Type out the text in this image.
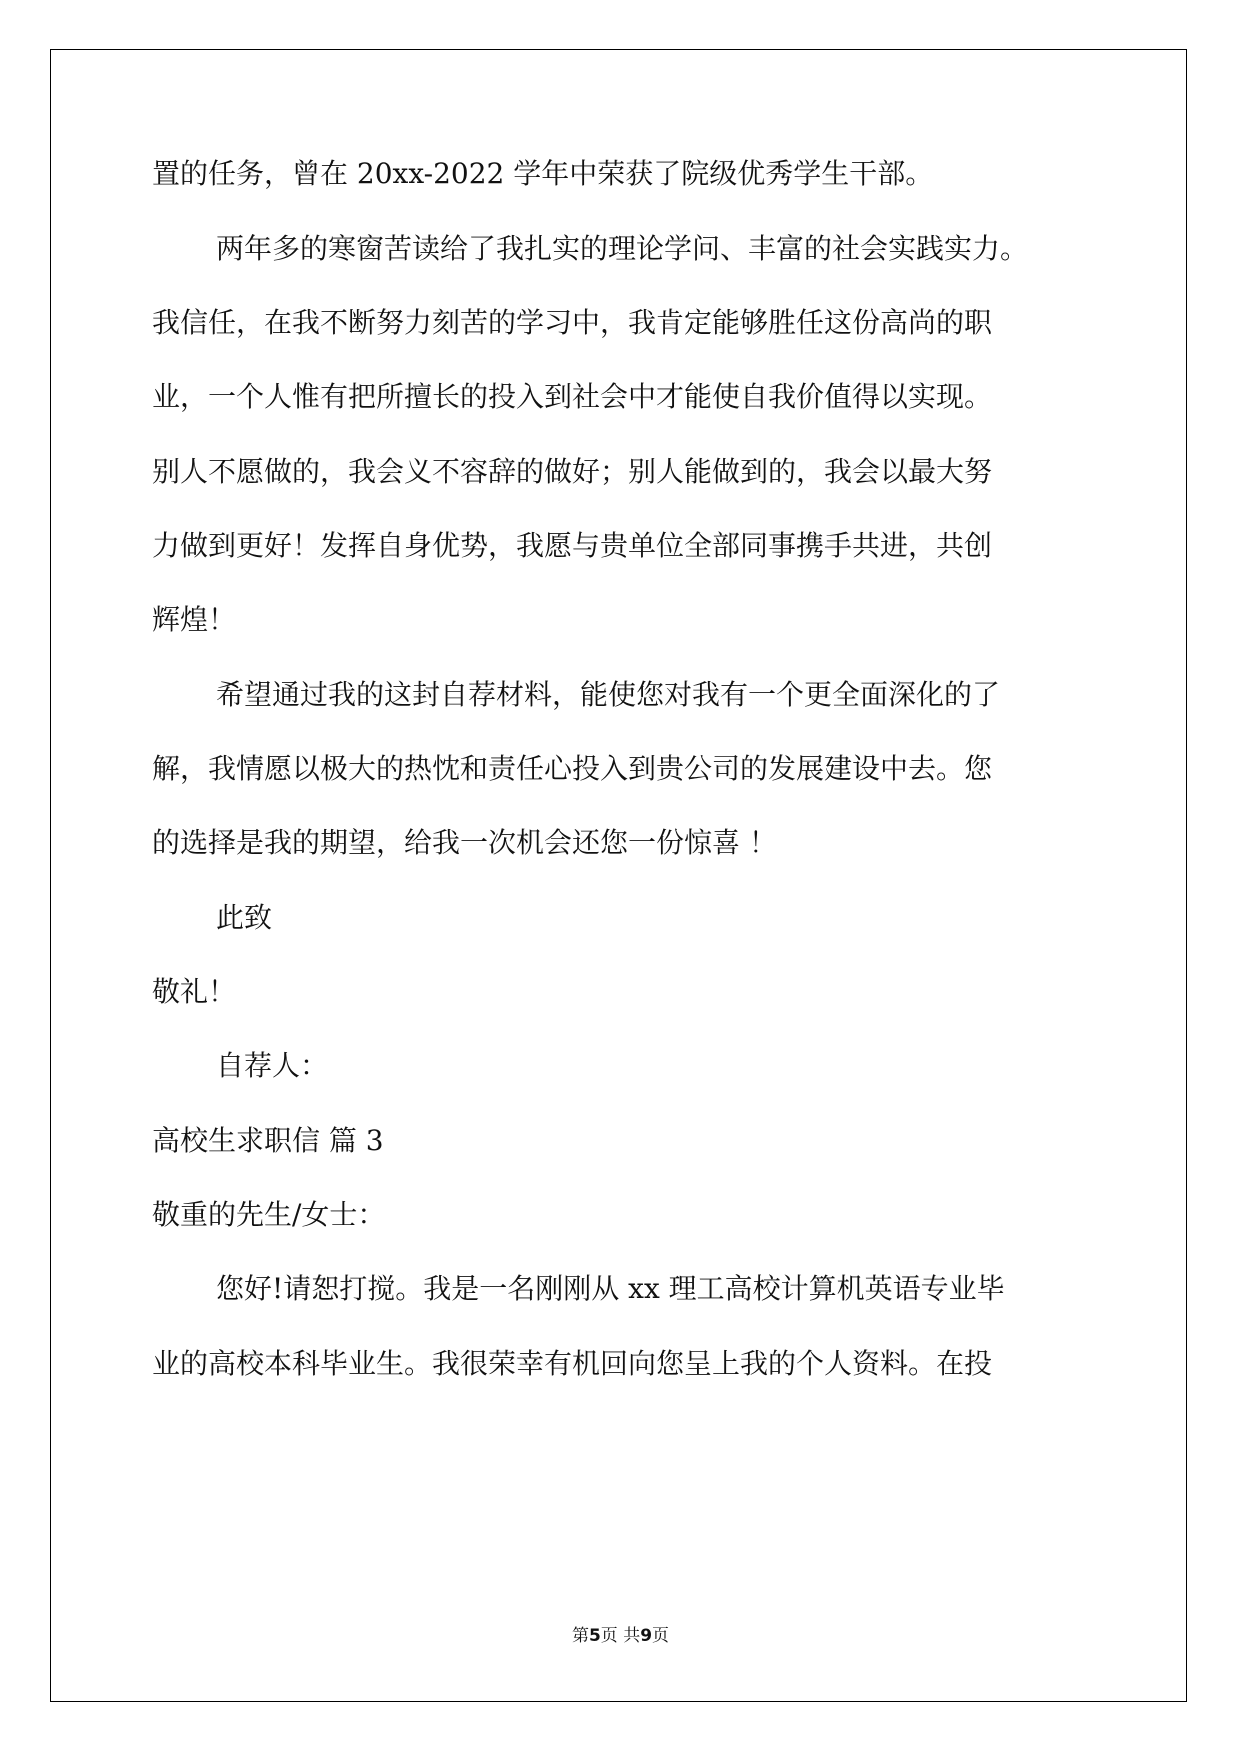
置的任务，曾在 20xx-2022 学年中荣获了院级优秀学生干部。

两年多的寒窗苦读给了我扎实的理论学问、丰富的社会实践实力。

我信任，在我不断努力刻苦的学习中，我肯定能够胜任这份高尚的职

业，一个人惟有把所擅长的投入到社会中才能使自我价值得以实现。

别人不愿做的，我会义不容辞的做好；别人能做到的，我会以最大努

力做到更好！发挥自身优势，我愿与贵单位全部同事携手共进，共创

辉煌！

希望通过我的这封自荐材料，能使您对我有一个更全面深化的了

解，我情愿以极大的热忱和责任心投入到贵公司的发展建设中去。您

的选择是我的期望，给我一次机会还您一份惊喜 ！

此致

敬礼！

自荐人：

高校生求职信 篇 3

敬重的先生/女士：

您好!请恕打搅。我是一名刚刚从 xx 理工高校计算机英语专业毕

业的高校本科毕业生。我很荣幸有机回向您呈上我的个人资料。在投

第5页 共9页
